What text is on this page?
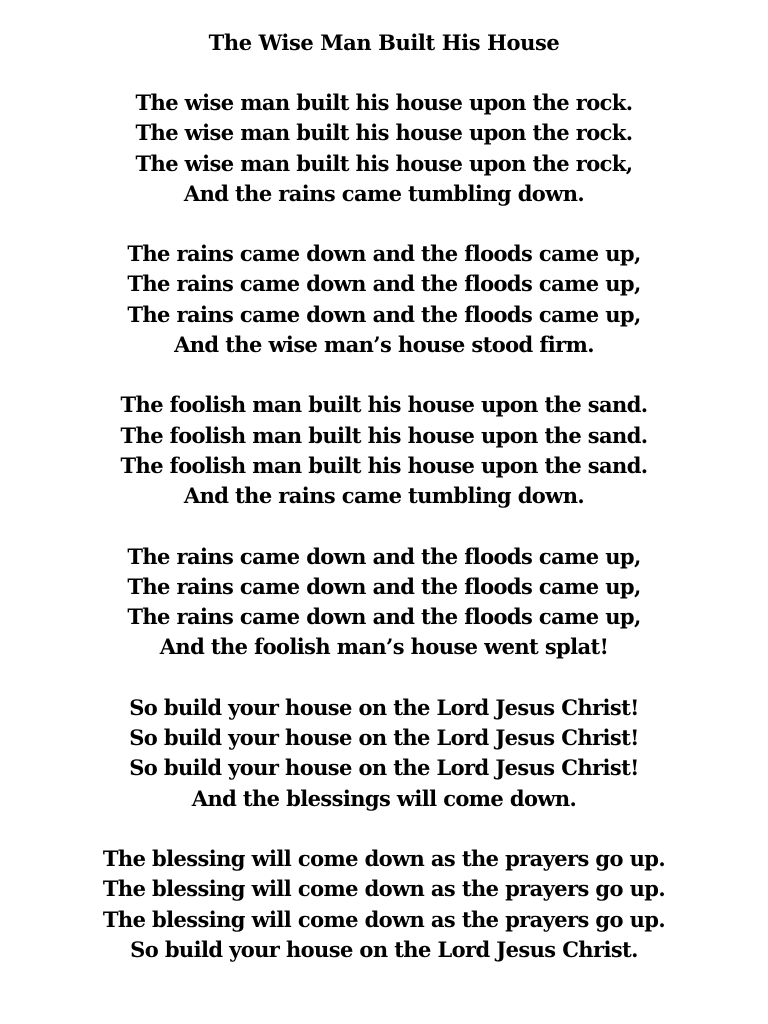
The Wise Man Built His House
The wise man built his house upon the rock.
The wise man built his house upon the rock.
The wise man built his house upon the rock,
And the rains came tumbling down.
The rains came down and the floods came up,
The rains came down and the floods came up,
The rains came down and the floods came up,
And the wise man’s house stood firm.
The foolish man built his house upon the sand.
The foolish man built his house upon the sand.
The foolish man built his house upon the sand.
And the rains came tumbling down.
The rains came down and the floods came up,
The rains came down and the floods came up,
The rains came down and the floods came up,
And the foolish man’s house went splat!
So build your house on the Lord Jesus Christ!
So build your house on the Lord Jesus Christ!
So build your house on the Lord Jesus Christ!
And the blessings will come down.
The blessing will come down as the prayers go up.
The blessing will come down as the prayers go up.
The blessing will come down as the prayers go up.
So build your house on the Lord Jesus Christ.
